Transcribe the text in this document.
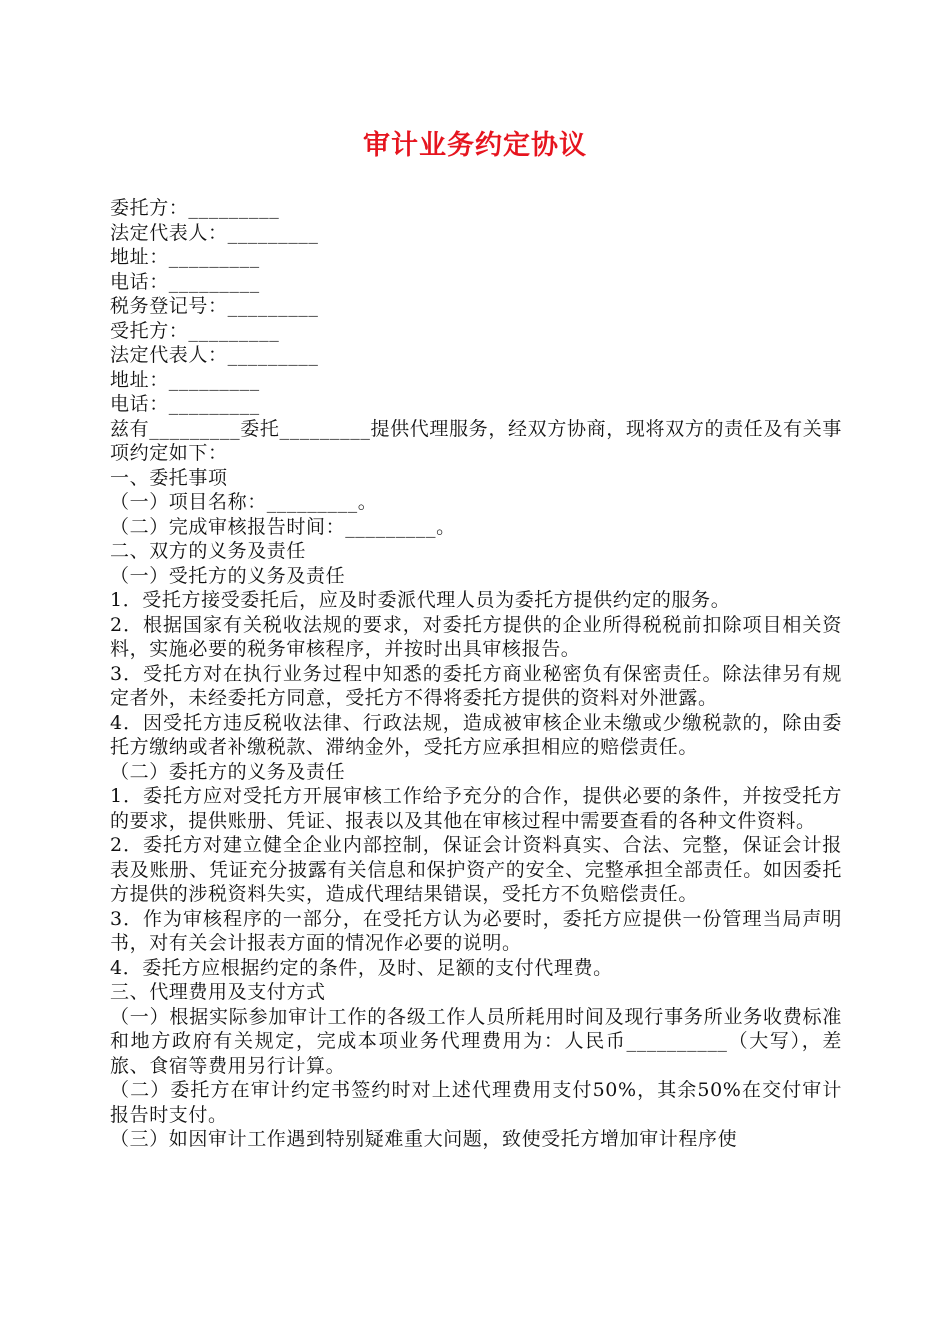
审计业务约定协议
委托方：_________
法定代表人：_________
地址：_________
电话：_________
税务登记号：_________
受托方：_________
法定代表人：_________
地址：_________
电话：_________
兹有_________委托_________提供代理服务，经双方协商，现将双方的责任及有关事项约定如下：
一、委托事项
（一）项目名称：_________。
（二）完成审核报告时间：_________。
二、双方的义务及责任
（一）受托方的义务及责任
1．受托方接受委托后，应及时委派代理人员为委托方提供约定的服务。
2．根据国家有关税收法规的要求，对委托方提供的企业所得税税前扣除项目相关资料，实施必要的税务审核程序，并按时出具审核报告。
3．受托方对在执行业务过程中知悉的委托方商业秘密负有保密责任。除法律另有规定者外，未经委托方同意，受托方不得将委托方提供的资料对外泄露。
4．因受托方违反税收法律、行政法规，造成被审核企业未缴或少缴税款的，除由委托方缴纳或者补缴税款、滞纳金外，受托方应承担相应的赔偿责任。
（二）委托方的义务及责任
1．委托方应对受托方开展审核工作给予充分的合作，提供必要的条件，并按受托方的要求，提供账册、凭证、报表以及其他在审核过程中需要查看的各种文件资料。
2．委托方对建立健全企业内部控制，保证会计资料真实、合法、完整，保证会计报表及账册、凭证充分披露有关信息和保护资产的安全、完整承担全部责任。如因委托方提供的涉税资料失实，造成代理结果错误，受托方不负赔偿责任。
3．作为审核程序的一部分，在受托方认为必要时，委托方应提供一份管理当局声明书，对有关会计报表方面的情况作必要的说明。
4．委托方应根据约定的条件，及时、足额的支付代理费。
三、代理费用及支付方式
（一）根据实际参加审计工作的各级工作人员所耗用时间及现行事务所业务收费标准和地方政府有关规定，完成本项业务代理费用为：人民币__________（大写），差旅、食宿等费用另行计算。
（二）委托方在审计约定书签约时对上述代理费用支付50%，其余50%在交付审计报告时支付。
（三）如因审计工作遇到特别疑难重大问题，致使受托方增加审计程序使
